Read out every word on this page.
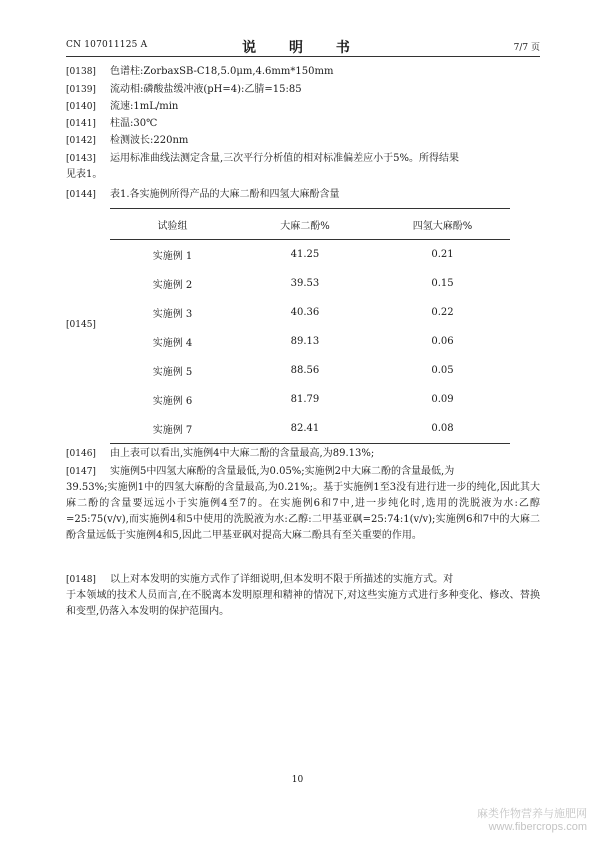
CN 107011125 A	说 明 书	7/7 页
[0138]	色谱柱:ZorbaxSB-C18,5.0μm,4.6mm*150mm
[0139]	流动相:磷酸盐缓冲液(pH=4):乙腈=15:85
[0140]	流速:1mL/min
[0141]	柱温:30℃
[0142]	检测波长:220nm
[0143]	运用标准曲线法测定含量,三次平行分析值的相对标准偏差应小于5%。所得结果
见表1。
[0144]	表1.各实施例所得产品的大麻二酚和四氢大麻酚含量
[0145]
试验组	大麻二酚%	四氢大麻酚%
实施例 1	41.25	0.21
实施例 2	39.53	0.15
实施例 3	40.36	0.22
实施例 4	89.13	0.06
实施例 5	88.56	0.05
实施例 6	81.79	0.09
实施例 7	82.41	0.08
[0146]	由上表可以看出,实施例4中大麻二酚的含量最高,为89.13%;
[0147]	实施例5中四氢大麻酚的含量最低,为0.05%;实施例2中大麻二酚的含量最低,为
39.53%;实施例1中的四氢大麻酚的含量最高,为0.21%;。基于实施例1至3没有进行进一步的纯化,因此其大麻二酚的含量要远远小于实施例4至7的。在实施例6和7中,进一步纯化时,选用的洗脱液为水:乙醇=25:75(v/v),而实施例4和5中使用的洗脱液为水:乙醇:二甲基亚砜=25:74:1(v/v);实施例6和7中的大麻二酚含量远低于实施例4和5,因此二甲基亚砜对提高大麻二酚具有至关重要的作用。
[0148]	以上对本发明的实施方式作了详细说明,但本发明不限于所描述的实施方式。对
于本领域的技术人员而言,在不脱离本发明原理和精神的情况下,对这些实施方式进行多种变化、修改、替换和变型,仍落入本发明的保护范围内。
10
麻类作物营养与施肥网
www.fibercrops.com
